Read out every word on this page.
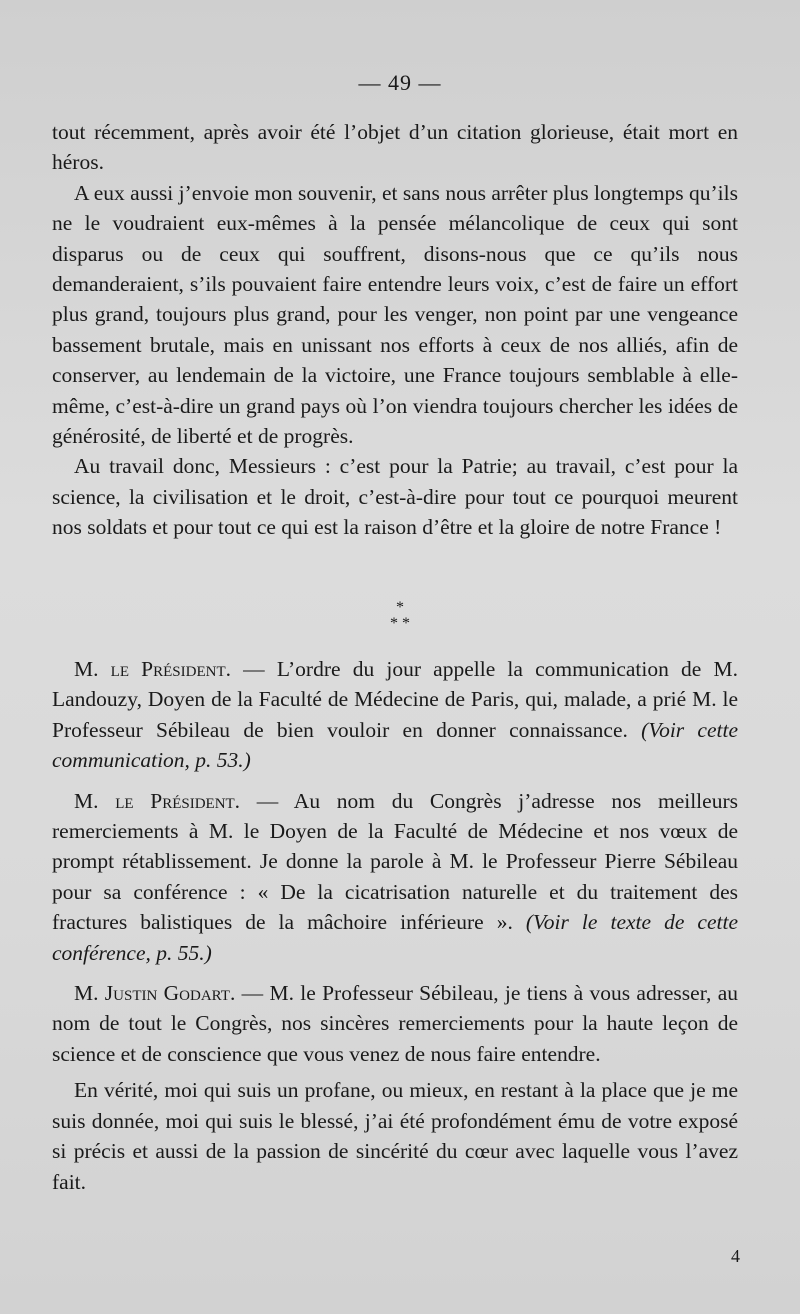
— 49 —

tout récemment, après avoir été l’objet d’un citation glorieuse, était mort en héros.

A eux aussi j’envoie mon souvenir, et sans nous arrêter plus longtemps qu’ils ne le voudraient eux-mêmes à la pensée mélancolique de ceux qui sont disparus ou de ceux qui souffrent, disons-nous que ce qu’ils nous demanderaient, s’ils pouvaient faire entendre leurs voix, c’est de faire un effort plus grand, toujours plus grand, pour les venger, non point par une vengeance bassement brutale, mais en unissant nos efforts à ceux de nos alliés, afin de conserver, au lendemain de la victoire, une France toujours semblable à elle-même, c’est-à-dire un grand pays où l’on viendra toujours chercher les idées de générosité, de liberté et de progrès.

Au travail donc, Messieurs : c’est pour la Patrie; au travail, c’est pour la science, la civilisation et le droit, c’est-à-dire pour tout ce pourquoi meurent nos soldats et pour tout ce qui est la raison d’être et la gloire de notre France !

*
* *

M. le Président. — L’ordre du jour appelle la communication de M. Landouzy, Doyen de la Faculté de Médecine de Paris, qui, malade, a prié M. le Professeur Sébileau de bien vouloir en donner connaissance. (Voir cette communication, p. 53.)

M. le Président. — Au nom du Congrès j’adresse nos meilleurs remerciements à M. le Doyen de la Faculté de Médecine et nos vœux de prompt rétablissement. Je donne la parole à M. le Professeur Pierre Sébileau pour sa conférence : « De la cicatrisation naturelle et du traitement des fractures balistiques de la mâchoire inférieure ». (Voir le texte de cette conférence, p. 55.)

M. Justin Godart. — M. le Professeur Sébileau, je tiens à vous adresser, au nom de tout le Congrès, nos sincères remerciements pour la haute leçon de science et de conscience que vous venez de nous faire entendre.

En vérité, moi qui suis un profane, ou mieux, en restant à la place que je me suis donnée, moi qui suis le blessé, j’ai été profondément ému de votre exposé si précis et aussi de la passion de sincérité du cœur avec laquelle vous l’avez fait.

4
